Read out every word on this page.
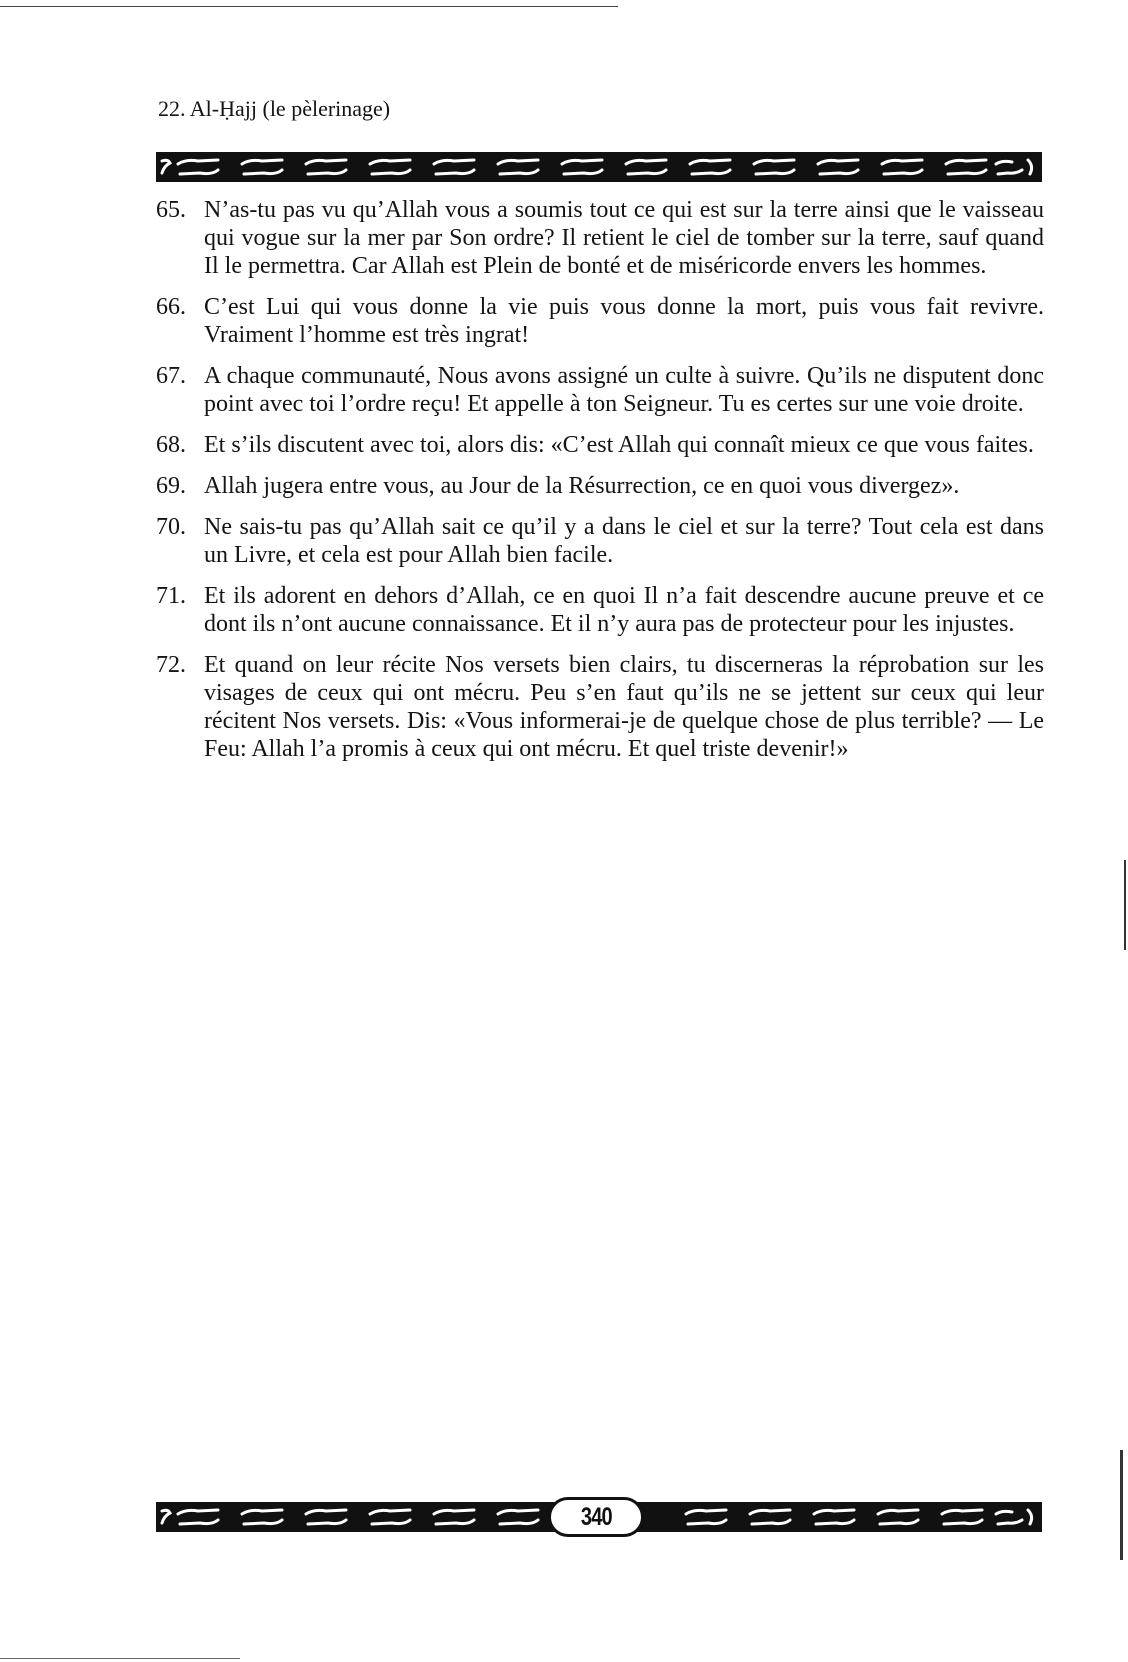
22. Al-Ḥajj (le pèlerinage)
65. N’as-tu pas vu qu’Allah vous a soumis tout ce qui est sur la terre ainsi que le vaisseau qui vogue sur la mer par Son ordre? Il retient le ciel de tomber sur la terre, sauf quand Il le permettra. Car Allah est Plein de bonté et de miséricorde envers les hommes.
66. C’est Lui qui vous donne la vie puis vous donne la mort, puis vous fait revivre. Vraiment l’homme est très ingrat!
67. A chaque communauté, Nous avons assigné un culte à suivre. Qu’ils ne disputent donc point avec toi l’ordre reçu! Et appelle à ton Seigneur. Tu es certes sur une voie droite.
68. Et s’ils discutent avec toi, alors dis: «C’est Allah qui connaît mieux ce que vous faites.
69. Allah jugera entre vous, au Jour de la Résurrection, ce en quoi vous divergez».
70. Ne sais-tu pas qu’Allah sait ce qu’il y a dans le ciel et sur la terre? Tout cela est dans un Livre, et cela est pour Allah bien facile.
71. Et ils adorent en dehors d’Allah, ce en quoi Il n’a fait descendre aucune preuve et ce dont ils n’ont aucune connaissance. Et il n’y aura pas de protecteur pour les injustes.
72. Et quand on leur récite Nos versets bien clairs, tu discerneras la réprobation sur les visages de ceux qui ont mécru. Peu s’en faut qu’ils ne se jettent sur ceux qui leur récitent Nos versets. Dis: «Vous informerai-je de quelque chose de plus terrible? — Le Feu: Allah l’a promis à ceux qui ont mécru. Et quel triste devenir!»
340
